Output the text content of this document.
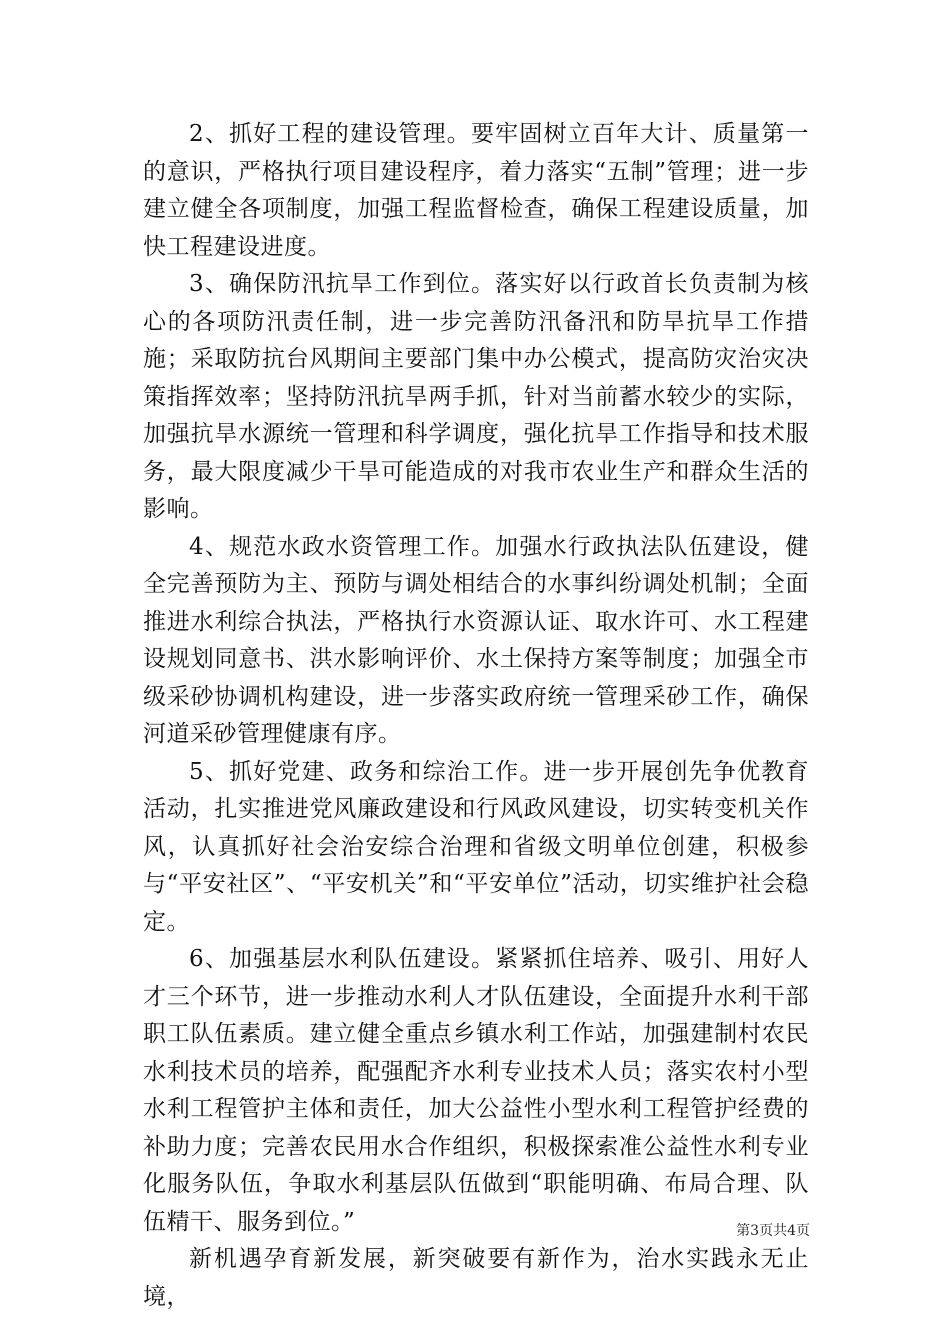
2、抓好工程的建设管理。要牢固树立百年大计、质量第一的意识，严格执行项目建设程序，着力落实“五制”管理；进一步建立健全各项制度，加强工程监督检查，确保工程建设质量，加快工程建设进度。

3、确保防汛抗旱工作到位。落实好以行政首长负责制为核心的各项防汛责任制，进一步完善防汛备汛和防旱抗旱工作措施；采取防抗台风期间主要部门集中办公模式，提高防灾治灾决策指挥效率；坚持防汛抗旱两手抓，针对当前蓄水较少的实际，加强抗旱水源统一管理和科学调度，强化抗旱工作指导和技术服务，最大限度减少干旱可能造成的对我市农业生产和群众生活的影响。

4、规范水政水资管理工作。加强水行政执法队伍建设，健全完善预防为主、预防与调处相结合的水事纠纷调处机制；全面推进水利综合执法，严格执行水资源认证、取水许可、水工程建设规划同意书、洪水影响评价、水土保持方案等制度；加强全市级采砂协调机构建设，进一步落实政府统一管理采砂工作，确保河道采砂管理健康有序。

5、抓好党建、政务和综治工作。进一步开展创先争优教育活动，扎实推进党风廉政建设和行风政风建设，切实转变机关作风，认真抓好社会治安综合治理和省级文明单位创建，积极参与“平安社区”、“平安机关”和“平安单位”活动，切实维护社会稳定。

6、加强基层水利队伍建设。紧紧抓住培养、吸引、用好人才三个环节，进一步推动水利人才队伍建设，全面提升水利干部职工队伍素质。建立健全重点乡镇水利工作站，加强建制村农民水利技术员的培养，配强配齐水利专业技术人员；落实农村小型水利工程管护主体和责任，加大公益性小型水利工程管护经费的补助力度；完善农民用水合作组织，积极探索准公益性水利专业化服务队伍，争取水利基层队伍做到“职能明确、布局合理、队伍精干、服务到位。”

新机遇孕育新发展，新突破要有新作为，治水实践永无止境，

第3页共4页
